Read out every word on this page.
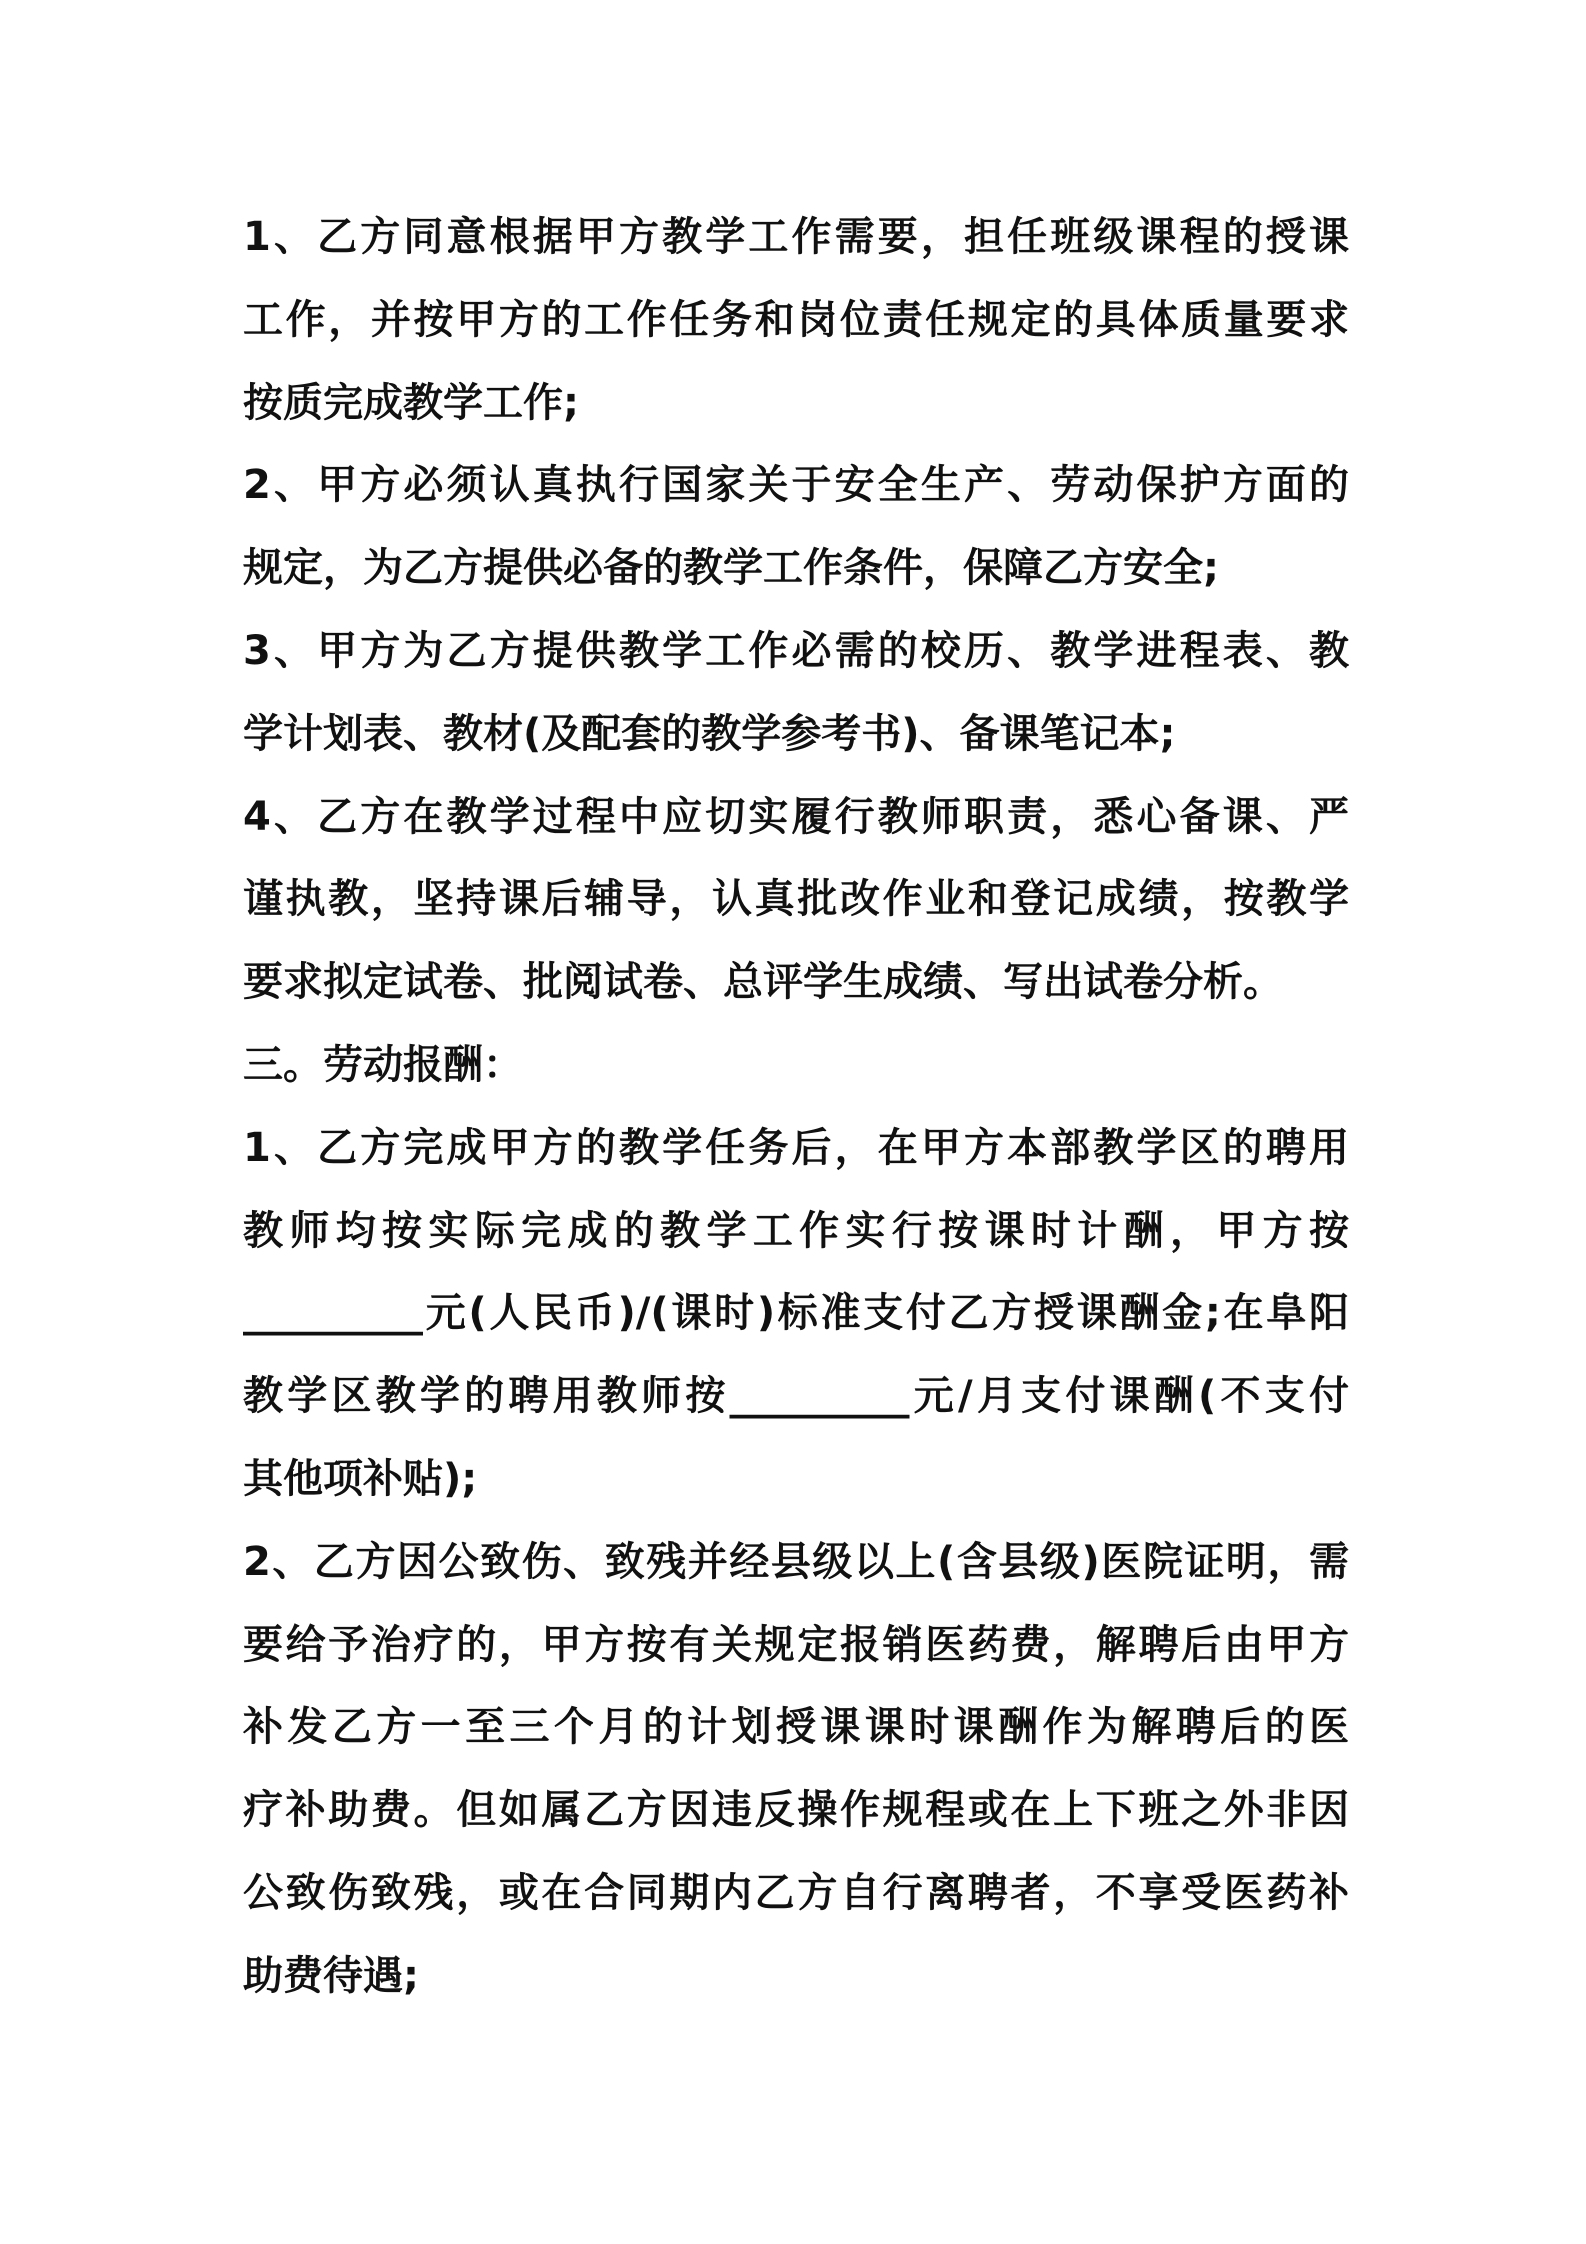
1、乙方同意根据甲方教学工作需要，担任班级课程的授课
工作，并按甲方的工作任务和岗位责任规定的具体质量要求
按质完成教学工作;
2、甲方必须认真执行国家关于安全生产、劳动保护方面的
规定，为乙方提供必备的教学工作条件，保障乙方安全;
3、甲方为乙方提供教学工作必需的校历、教学进程表、教
学计划表、教材(及配套的教学参考书)、备课笔记本;
4、乙方在教学过程中应切实履行教师职责，悉心备课、严
谨执教，坚持课后辅导，认真批改作业和登记成绩，按教学
要求拟定试卷、批阅试卷、总评学生成绩、写出试卷分析。
三。劳动报酬：
1、乙方完成甲方的教学任务后，在甲方本部教学区的聘用
教师均按实际完成的教学工作实行按课时计酬，甲方按
_________元(人民币)/(课时)标准支付乙方授课酬金;在阜阳
教学区教学的聘用教师按_________元/月支付课酬(不支付
其他项补贴);
2、乙方因公致伤、致残并经县级以上(含县级)医院证明，需
要给予治疗的，甲方按有关规定报销医药费，解聘后由甲方
补发乙方一至三个月的计划授课课时课酬作为解聘后的医
疗补助费。但如属乙方因违反操作规程或在上下班之外非因
公致伤致残，或在合同期内乙方自行离聘者，不享受医药补
助费待遇;
